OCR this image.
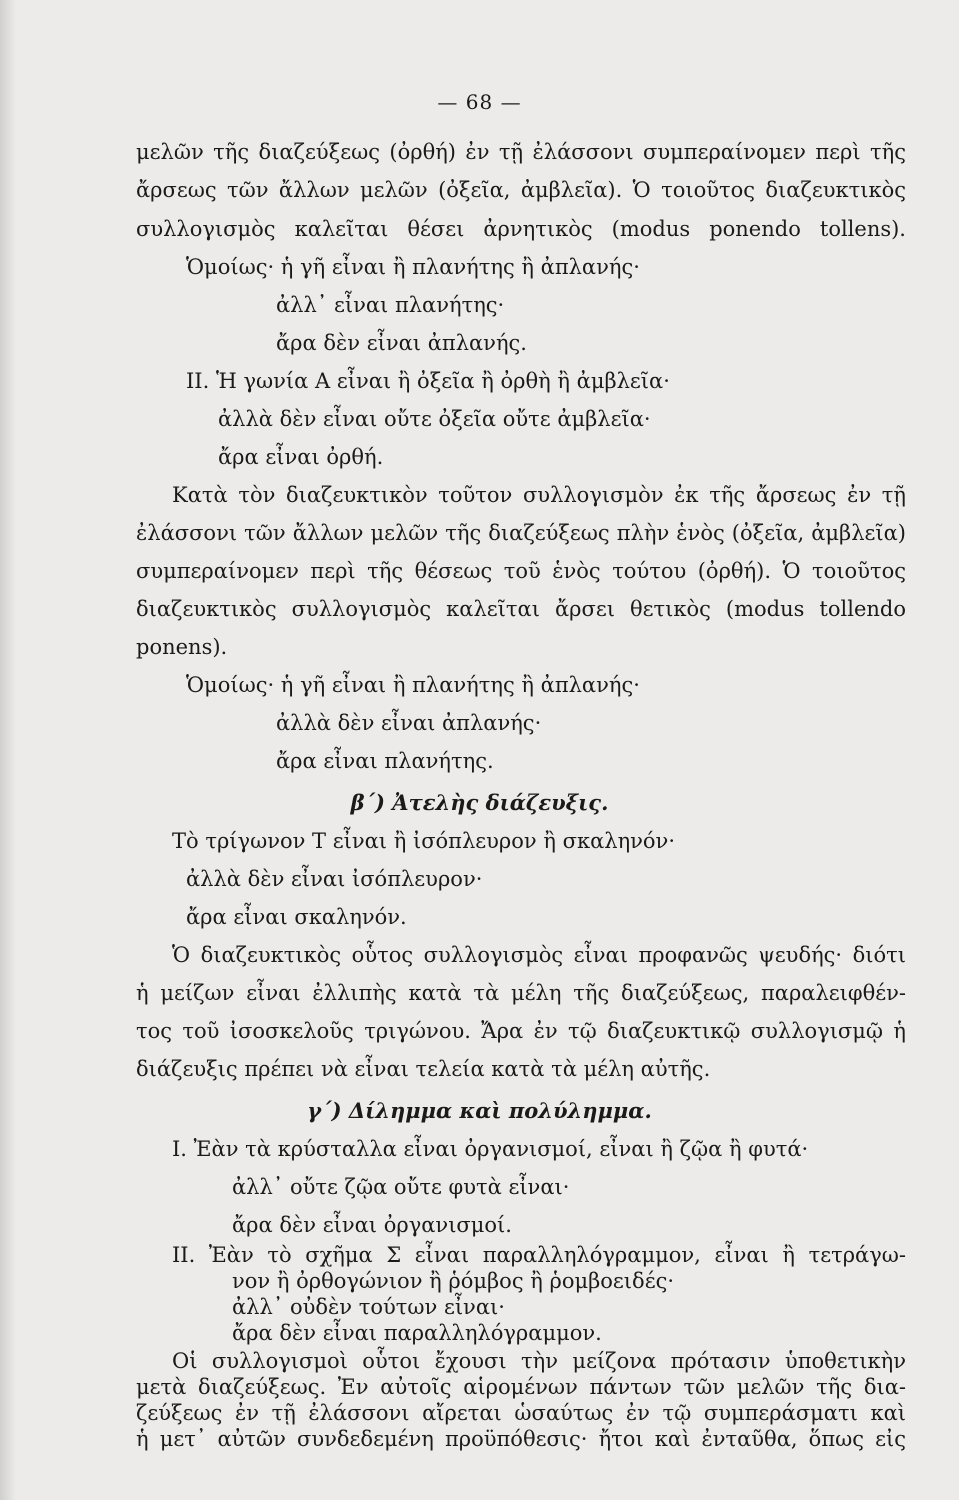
— 68 —
μελῶν τῆς διαζεύξεως (ὀρθή) ἐν τῇ ἐλάσσονι συμπεραίνομεν περὶ τῆς
ἄρσεως τῶν ἄλλων μελῶν (ὀξεῖα, ἀμβλεῖα). Ὁ τοιοῦτος διαζευκτικὸς
συλλογισμὸς καλεῖται θέσει ἀρνητικὸς (modus ponendo tollens).
Ὁμοίως· ἡ γῆ εἶναι ἢ πλανήτης ἢ ἀπλανής·
ἀλλ᾽ εἶναι πλανήτης·
ἄρα δὲν εἶναι ἀπλανής.
II. Ἡ γωνία Α εἶναι ἢ ὀξεῖα ἢ ὀρθὴ ἢ ἀμβλεῖα·
ἀλλὰ δὲν εἶναι οὔτε ὀξεῖα οὔτε ἀμβλεῖα·
ἄρα εἶναι ὀρθή.
Κατὰ τὸν διαζευκτικὸν τοῦτον συλλογισμὸν ἐκ τῆς ἄρσεως ἐν τῇ
ἐλάσσονι τῶν ἄλλων μελῶν τῆς διαζεύξεως πλὴν ἑνὸς (ὀξεῖα, ἀμβλεῖα)
συμπεραίνομεν περὶ τῆς θέσεως τοῦ ἑνὸς τούτου (ὀρθή). Ὁ τοιοῦτος
διαζευκτικὸς συλλογισμὸς καλεῖται ἄρσει θετικὸς (modus tollendo
ponens).
Ὁμοίως· ἡ γῆ εἶναι ἢ πλανήτης ἢ ἀπλανής·
ἀλλὰ δὲν εἶναι ἀπλανής·
ἄρα εἶναι πλανήτης.
β´) Ἀτελὴς διάζευξις.
Τὸ τρίγωνον Τ εἶναι ἢ ἰσόπλευρον ἢ σκαληνόν·
ἀλλὰ δὲν εἶναι ἰσόπλευρον·
ἄρα εἶναι σκαληνόν.
Ὁ διαζευκτικὸς οὗτος συλλογισμὸς εἶναι προφανῶς ψευδής· διότι
ἡ μείζων εἶναι ἐλλιπὴς κατὰ τὰ μέλη τῆς διαζεύξεως, παραλειφθέν-
τος τοῦ ἰσοσκελοῦς τριγώνου. Ἄρα ἐν τῷ διαζευκτικῷ συλλογισμῷ ἡ
διάζευξις πρέπει νὰ εἶναι τελεία κατὰ τὰ μέλη αὐτῆς.
γ´) Δίλημμα καὶ πολύλημμα.
I. Ἐὰν τὰ κρύσταλλα εἶναι ὀργανισμοί, εἶναι ἢ ζῷα ἢ φυτά·
ἀλλ᾽ οὔτε ζῷα οὔτε φυτὰ εἶναι·
ἄρα δὲν εἶναι ὀργανισμοί.
II. Ἐὰν τὸ σχῆμα Σ εἶναι παραλληλόγραμμον, εἶναι ἢ τετράγω-
νον ἢ ὀρθογώνιον ἢ ῥόμβος ἢ ῥομβοειδές·
ἀλλ᾽ οὐδὲν τούτων εἶναι·
ἄρα δὲν εἶναι παραλληλόγραμμον.
Οἱ συλλογισμοὶ οὗτοι ἔχουσι τὴν μείζονα πρότασιν ὑποθετικὴν
μετὰ διαζεύξεως. Ἐν αὐτοῖς αἱρομένων πάντων τῶν μελῶν τῆς δια-
ζεύξεως ἐν τῇ ἐλάσσονι αἴρεται ὡσαύτως ἐν τῷ συμπεράσματι καὶ
ἡ μετ᾽ αὐτῶν συνδεδεμένη προϋπόθεσις· ἤτοι καὶ ἐνταῦθα, ὅπως εἰς
